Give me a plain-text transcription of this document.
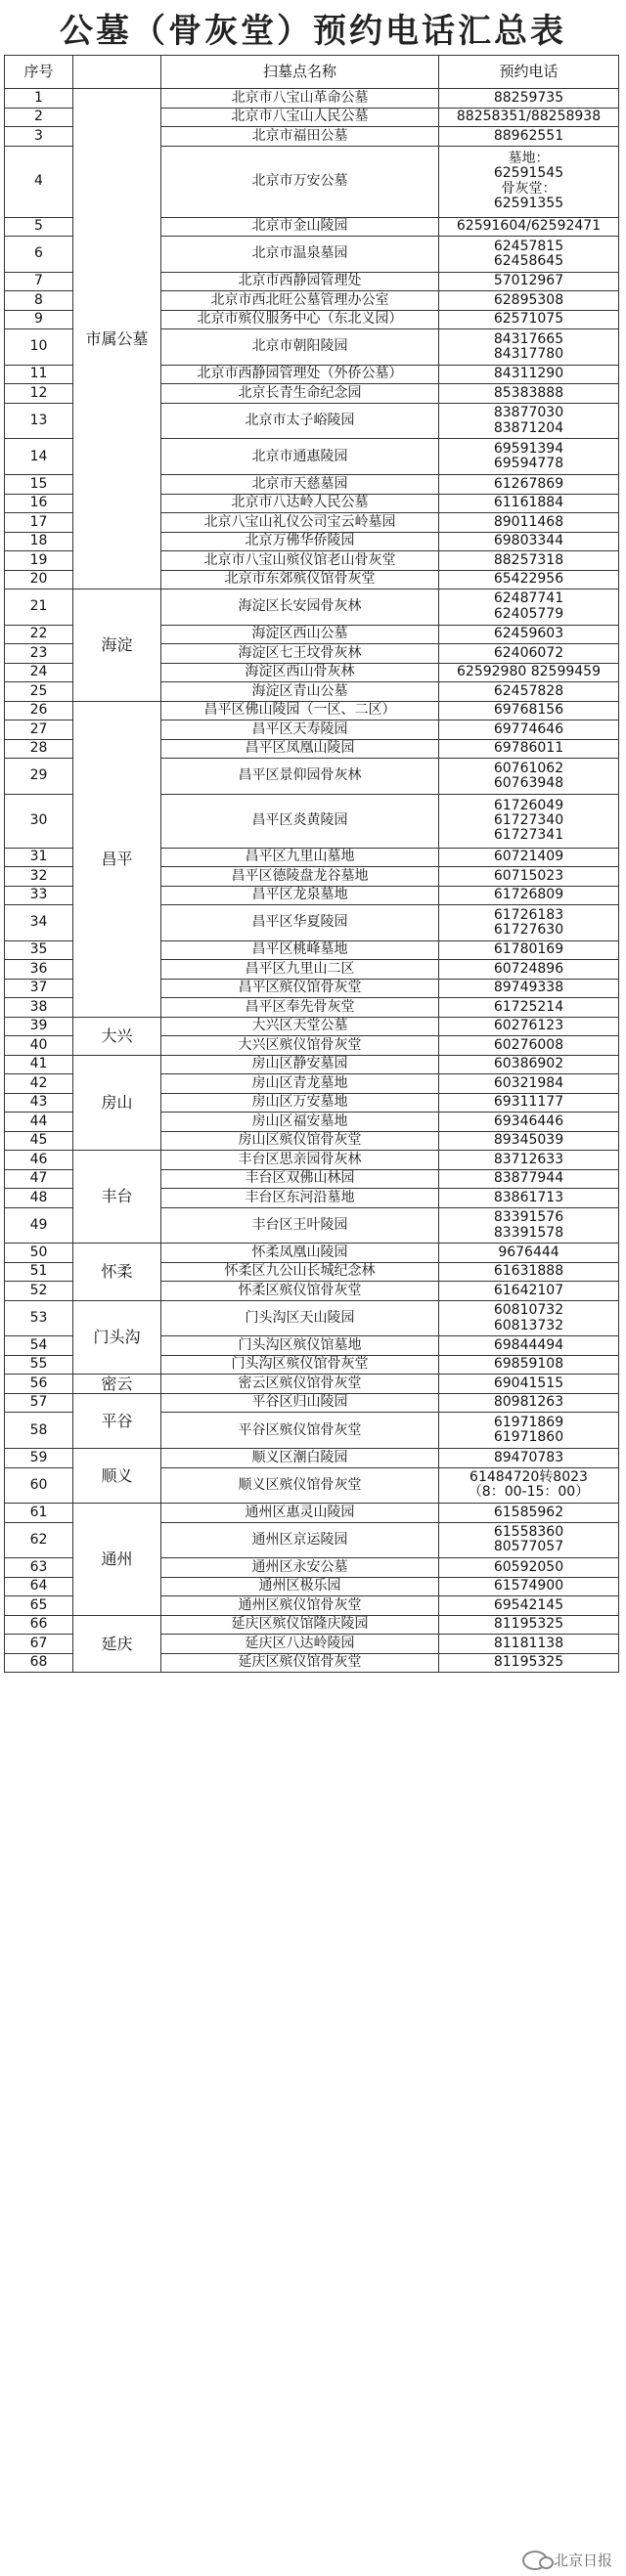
公墓（骨灰堂）预约电话汇总表
序号		扫墓点名称	预约电话
1	市属公墓	北京市八宝山革命公墓	88259735

2		北京市八宝山人民公墓	88258351/88258938

3		北京市福田公墓	88962551

4		北京市万安公墓	墓地：
62591545
骨灰堂：
62591355

5		北京市金山陵园	62591604/62592471

6		北京市温泉墓园	62457815
62458645

7		北京市西静园管理处	57012967

8		北京市西北旺公墓管理办公室	62895308

9		北京市殡仪服务中心（东北义园）	62571075

10		北京市朝阳陵园	84317665
84317780

11		北京市西静园管理处（外侨公墓）	84311290

12		北京长青生命纪念园	85383888

13		北京市太子峪陵园	83877030
83871204

14		北京市通惠陵园	69591394
69594778

15		北京市天慈墓园	61267869

16		北京市八达岭人民公墓	61161884

17		北京八宝山礼仪公司宝云岭墓园	89011468

18		北京万佛华侨陵园	69803344

19		北京市八宝山殡仪馆老山骨灰堂	88257318

20		北京市东郊殡仪馆骨灰堂	65422956

21	海淀	海淀区长安园骨灰林	62487741
62405779

22		海淀区西山公墓	62459603

23		海淀区七王坟骨灰林	62406072

24		海淀区西山骨灰林	62592980 82599459

25		海淀区青山公墓	62457828

26	昌平	昌平区佛山陵园（一区、二区）	69768156

27		昌平区天寿陵园	69774646

28		昌平区凤凰山陵园	69786011

29		昌平区景仰园骨灰林	60761062
60763948

30		昌平区炎黄陵园	61726049
61727340
61727341

31		昌平区九里山墓地	60721409

32		昌平区德陵盘龙谷墓地	60715023

33		昌平区龙泉墓地	61726809

34		昌平区华夏陵园	61726183
61727630

35		昌平区桃峰墓地	61780169

36		昌平区九里山二区	60724896

37		昌平区殡仪馆骨灰堂	89749338

38		昌平区奉先骨灰堂	61725214

39	大兴	大兴区天堂公墓	60276123

40		大兴区殡仪馆骨灰堂	60276008

41	房山	房山区静安墓园	60386902

42		房山区青龙墓地	60321984

43		房山区万安墓地	69311177

44		房山区福安墓地	69346446

45		房山区殡仪馆骨灰堂	89345039

46	丰台	丰台区思亲园骨灰林	83712633

47		丰台区双佛山林园	83877944

48		丰台区东河沿墓地	83861713

49		丰台区王叶陵园	83391576
83391578

50	怀柔	怀柔凤凰山陵园	9676444

51		怀柔区九公山长城纪念林	61631888

52		怀柔区殡仪馆骨灰堂	61642107

53	门头沟	门头沟区天山陵园	60810732
60813732

54		门头沟区殡仪馆墓地	69844494

55		门头沟区殡仪馆骨灰堂	69859108

56	密云	密云区殡仪馆骨灰堂	69041515

57	平谷	平谷区归山陵园	80981263

58		平谷区殡仪馆骨灰堂	61971869
61971860

59	顺义	顺义区潮白陵园	89470783

60		顺义区殡仪馆骨灰堂	61484720转8023
（8：00-15：00）

61	通州	通州区惠灵山陵园	61585962

62		通州区京运陵园	61558360
80577057

63		通州区永安公墓	60592050

64		通州区极乐园	61574900

65		通州区殡仪馆骨灰堂	69542145

66	延庆	延庆区殡仪馆隆庆陵园	81195325

67		延庆区八达岭陵园	81181138

68		延庆区殡仪馆骨灰堂	81195325
北京日报
